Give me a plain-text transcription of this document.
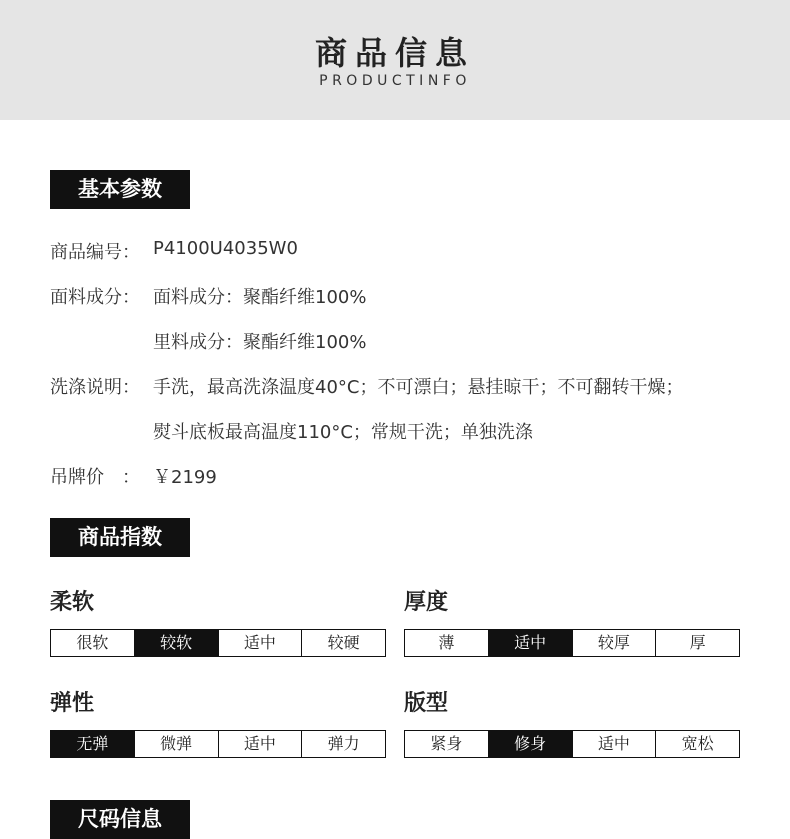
商品信息
PRODUCTINFO
基本参数
商品编号： P4100U4035W0
面料成分： 面料成分：聚酯纤维100%
里料成分：聚酯纤维100%
洗涤说明： 手洗，最高洗涤温度40°C；不可漂白；悬挂晾干；不可翻转干燥；
熨斗底板最高温度110°C；常规干洗；单独洗涤
吊牌价　： ￥2199
商品指数
柔软
很软	较软	适中	较硬
厚度
薄	适中	较厚	厚
弹性
无弹	微弹	适中	弹力
版型
紧身	修身	适中	宽松
尺码信息
